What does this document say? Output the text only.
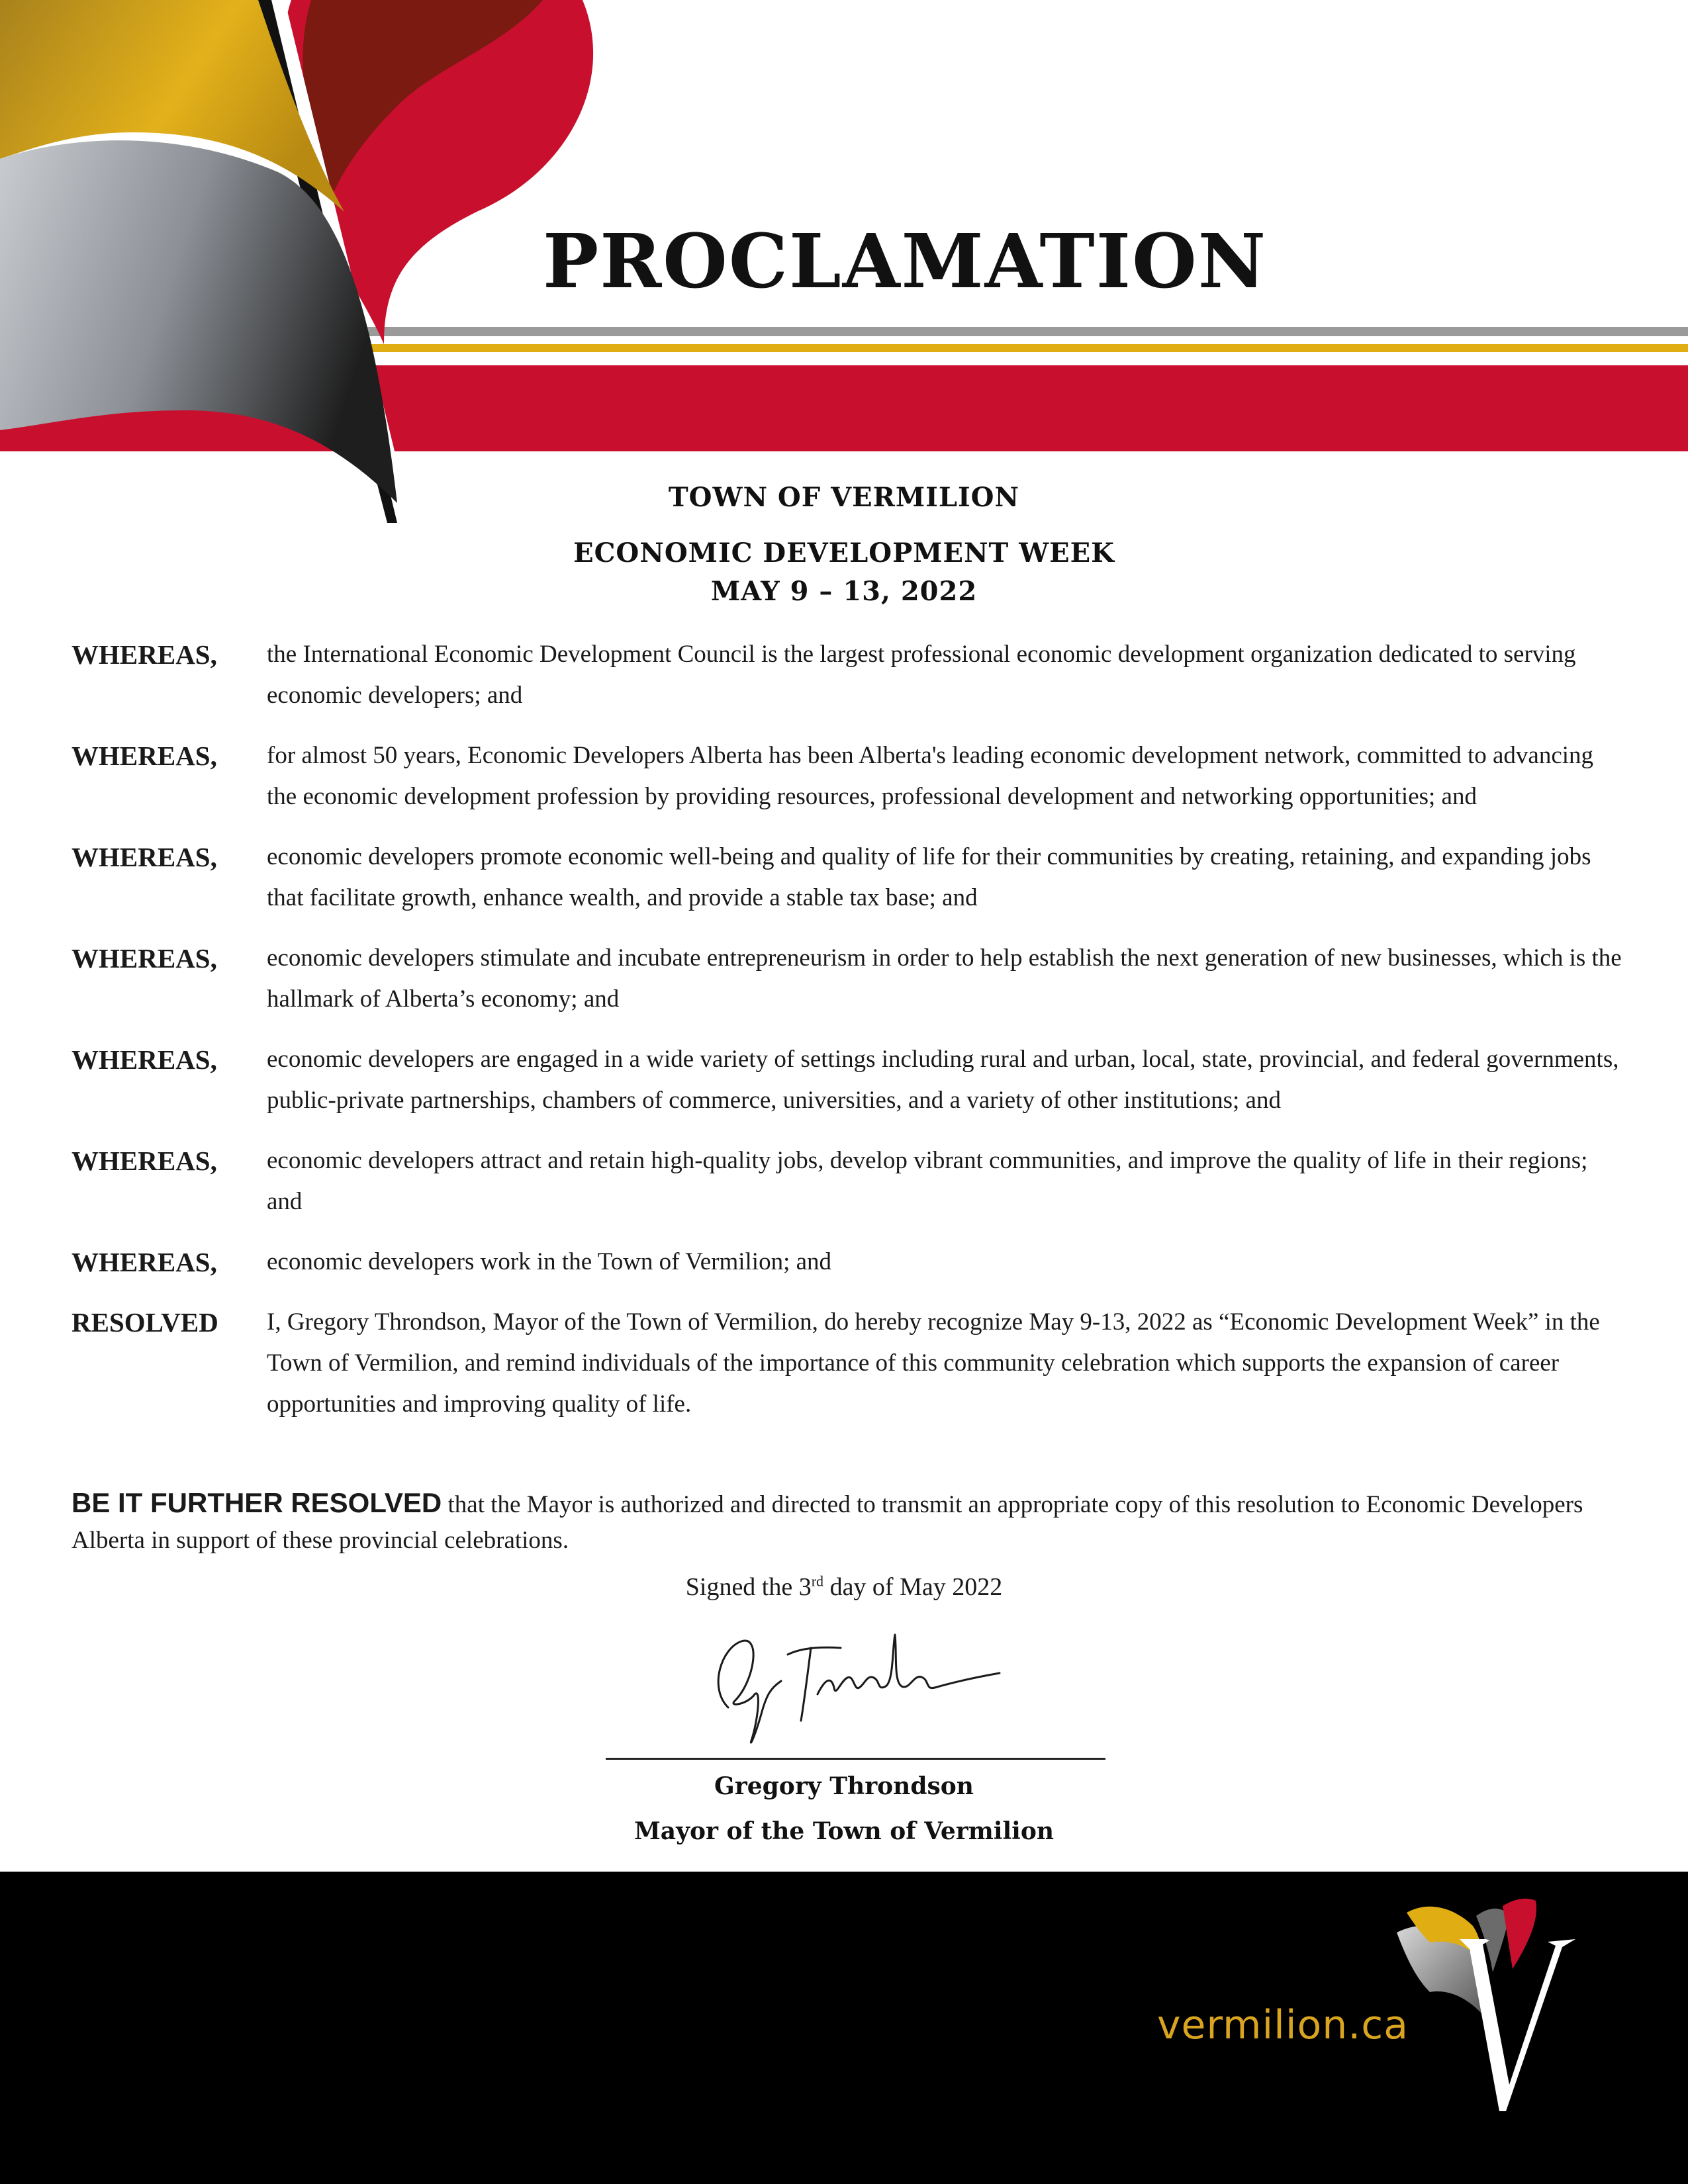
PROCLAMATION
TOWN OF VERMILION
ECONOMIC DEVELOPMENT WEEK
MAY 9 – 13, 2022
WHEREAS,	the International Economic Development Council is the largest professional economic development organization dedicated to serving economic developers; and
WHEREAS,	for almost 50 years, Economic Developers Alberta has been Alberta's leading economic development network, committed to advancing the economic development profession by providing resources, professional development and networking opportunities; and
WHEREAS,	economic developers promote economic well-being and quality of life for their communities by creating, retaining, and expanding jobs that facilitate growth, enhance wealth, and provide a stable tax base; and
WHEREAS,	economic developers stimulate and incubate entrepreneurism in order to help establish the next generation of new businesses, which is the hallmark of Alberta’s economy; and
WHEREAS,	economic developers are engaged in a wide variety of settings including rural and urban, local, state, provincial, and federal governments, public-private partnerships, chambers of commerce, universities, and a variety of other institutions; and
WHEREAS,	economic developers attract and retain high-quality jobs, develop vibrant communities, and improve the quality of life in their regions; and
WHEREAS,	economic developers work in the Town of Vermilion; and
RESOLVED	I, Gregory Throndson, Mayor of the Town of Vermilion, do hereby recognize May 9-13, 2022 as “Economic Development Week” in the Town of Vermilion, and remind individuals of the importance of this community celebration which supports the expansion of career opportunities and improving quality of life.
BE IT FURTHER RESOLVED that the Mayor is authorized and directed to transmit an appropriate copy of this resolution to Economic Developers Alberta in support of these provincial celebrations.
Signed the 3rd day of May 2022
Gregory Throndson
Mayor of the Town of Vermilion
vermilion.ca
